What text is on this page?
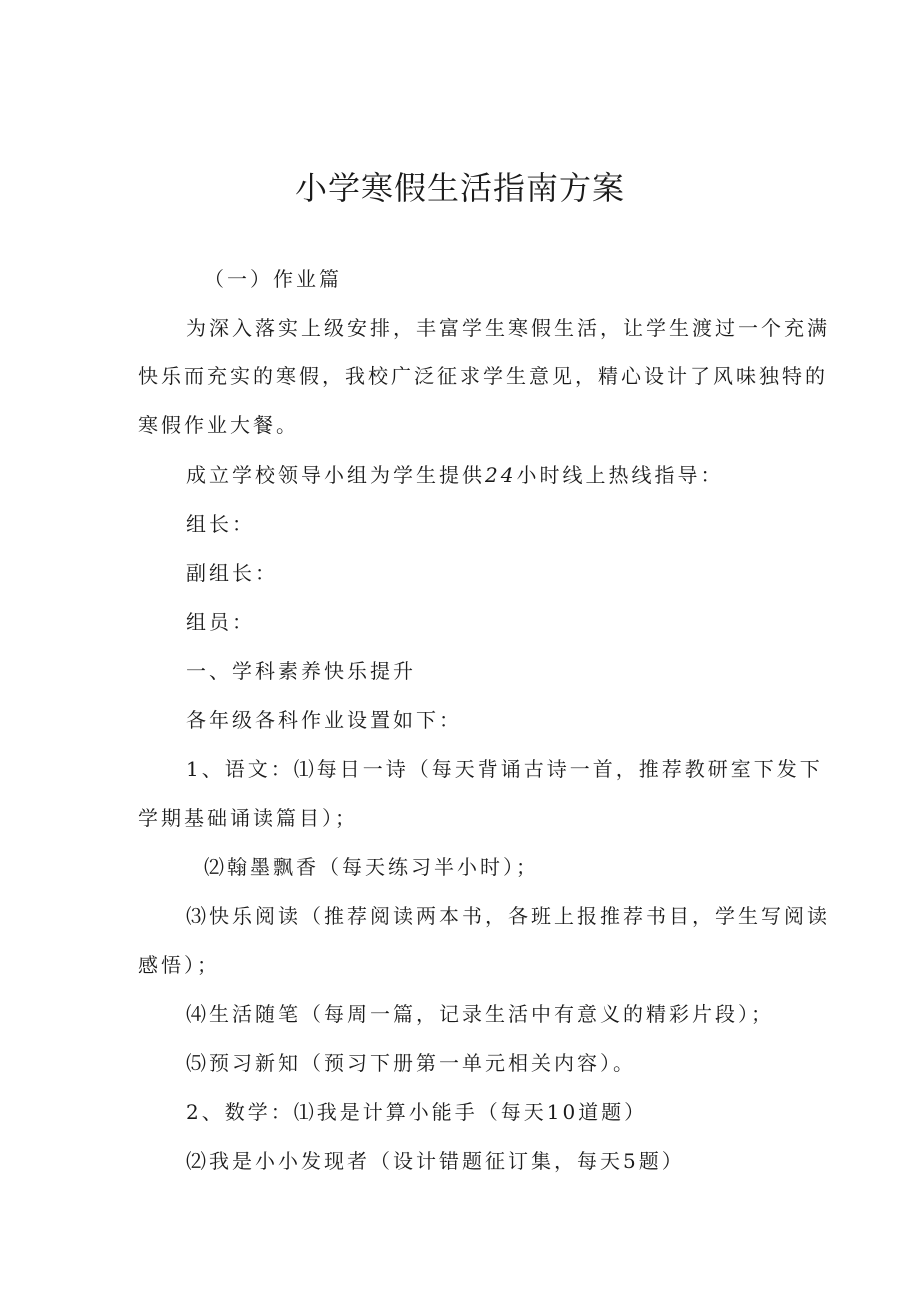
小学寒假生活指南方案

（一）作业篇

为深入落实上级安排，丰富学生寒假生活，让学生渡过一个充满

快乐而充实的寒假，我校广泛征求学生意见，精心设计了风味独特的

寒假作业大餐。

成立学校领导小组为学生提供24小时线上热线指导：

组长：

副组长：

组员：

一、学科素养快乐提升

各年级各科作业设置如下：

1、语文：⑴每日一诗（每天背诵古诗一首，推荐教研室下发下

学期基础诵读篇目）；

⑵翰墨飘香（每天练习半小时）；

⑶快乐阅读（推荐阅读两本书，各班上报推荐书目，学生写阅读

感悟）；

⑷生活随笔（每周一篇，记录生活中有意义的精彩片段）；

⑸预习新知（预习下册第一单元相关内容）。

2、数学：⑴我是计算小能手（每天10道题）

⑵我是小小发现者（设计错题征订集，每天5题）
